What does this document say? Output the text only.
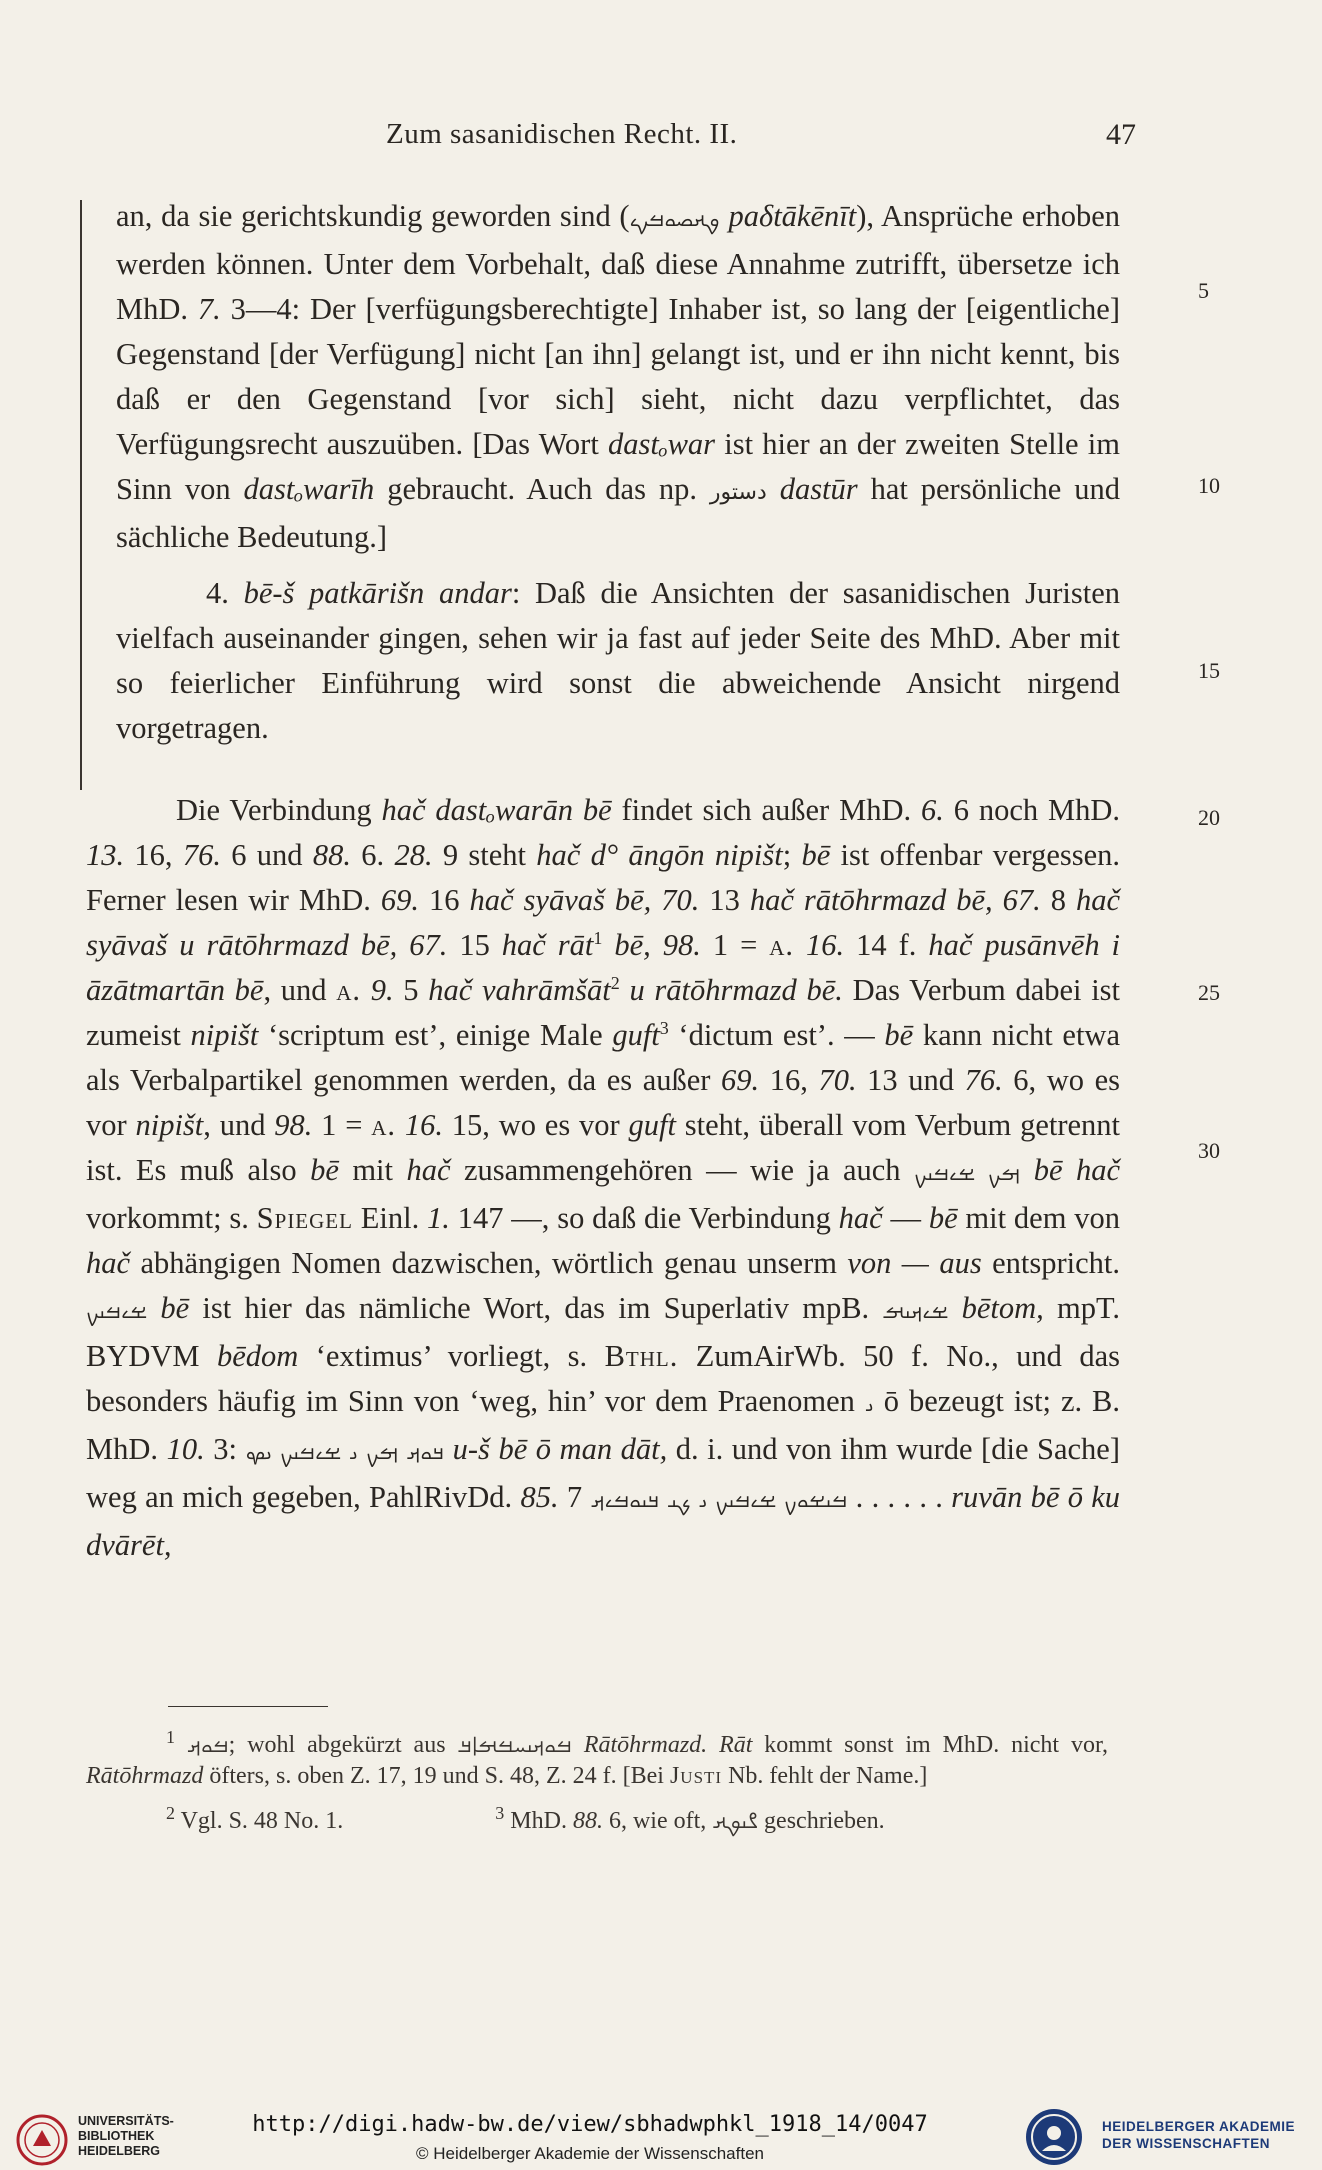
Zum sasanidischen Recht. II.	47
5
10
15
20
25
30

an, da sie gerichtskundig geworden sind (ࡐࡕࡎࡀࡓࡍࡉ paδtākēnīt), Ansprüche erhoben werden können. Unter dem Vorbehalt, daß diese Annahme zutrifft, übersetze ich MhD. 7. 3—4: Der [verfügungsberechtigte] Inhaber ist, so lang der [eigentliche] Gegenstand [der Verfügung] nicht [an ihn] gelangt ist, und er ihn nicht kennt, bis daß er den Gegenstand [vor sich] sieht, nicht dazu verpflichtet, das Verfügungsrecht auszuüben. [Das Wort dastₒwar ist hier an der zweiten Stelle im Sinn von dastₒwarīh gebraucht. Auch das np. دستور dastūr hat persönliche und sächliche Bedeutung.]

4. bē-š patkārišn andar: Daß die Ansichten der sasanidischen Juristen vielfach auseinander gingen, sehen wir ja fast auf jeder Seite des MhD. Aber mit so feierlicher Einführung wird sonst die abweichende Ansicht nirgend vorgetragen.

Die Verbindung hač dastₒwarān bē findet sich außer MhD. 6. 6 noch MhD. 13. 16, 76. 6 und 88. 6. 28. 9 steht hač d° āngōn nipišt; bē ist offenbar vergessen. Ferner lesen wir MhD. 69. 16 hač syāvaš bē, 70. 13 hač rātōhrmazd bē, 67. 8 hač syāvaš u rātōhrmazd bē, 67. 15 hač rāt$^1$ bē, 98. 1 = a. 16. 14 f. hač pusānvēh i āzātmartān bē, und a. 9. 5 hač vahrāmšāt$^2$ u rātōhrmazd bē. Das Verbum dabei ist zumeist nipišt ‘scriptum est’, einige Male guft$^3$ ‘dictum est’. — bē kann nicht etwa als Verbalpartikel genommen werden, da es außer 69. 16, 70. 13 und 76. 6, wo es vor nipišt, und 98. 1 = a. 16. 15, wo es vor guft steht, überall vom Verbum getrennt ist. Es muß also bē mit hač zusammengehören — wie ja auch ࡌࡍ ࡁࡉࡓࡅࡍ bē hač vorkommt; s. Spiegel Einl. 1. 147 —, so daß die Verbindung hač — bē mit dem von hač abhängigen Nomen dazwischen, wörtlich genau unserm von — aus entspricht. ࡁࡉࡓࡅࡍ bē ist hier das nämliche Wort, das im Superlativ mpB. ࡁࡉࡕࡅࡌ bētom, mpT. BYDVM bēdom ‘extimus’ vorliegt, s. Bthl. ZumAirWb. 50 f. No., und das besonders häufig im Sinn von ‘weg, hin’ vor dem Praenomen ࡅ ō bezeugt ist; z. B. MhD. 10. 3: ࡃࡀࡕ ࡌࡍ ࡅ ࡁࡉࡓࡅࡍ ࡅࡔ u-š bē ō man dāt, d. i. und von ihm wurde [die Sache] weg an mich gegeben, PahlRivDd. 85. 7 ࡓࡅࡁࡀࡍ ࡁࡉࡓࡅࡍ ࡅ ࡊࡅ ࡃࡅࡀࡓࡉࡕ . . . . . . ruvān bē ō ku dvārēt,

$^1$ ࡓࡀࡕ; wohl abgekürzt aus ࡓࡀࡕࡅࡄࡓࡌࡆࡃ Rātōhrmazd. Rāt kommt sonst im MhD. nicht vor, Rātōhrmazd öfters, s. oben Z. 17, 19 und S. 48, Z. 24 f. [Bei Justi Nb. fehlt der Name.]

$^2$ Vgl. S. 48 No. 1.	$^3$ MhD. 88. 6, wie oft, ࡂࡅࡐࡕ geschrieben.

UNIVERSITÄTS-
BIBLIOTHEK
HEIDELBERG
http://digi.hadw-bw.de/view/sbhadwphkl_1918_14/0047
© Heidelberger Akademie der Wissenschaften
HEIDELBERGER AKADEMIE
DER WISSENSCHAFTEN
